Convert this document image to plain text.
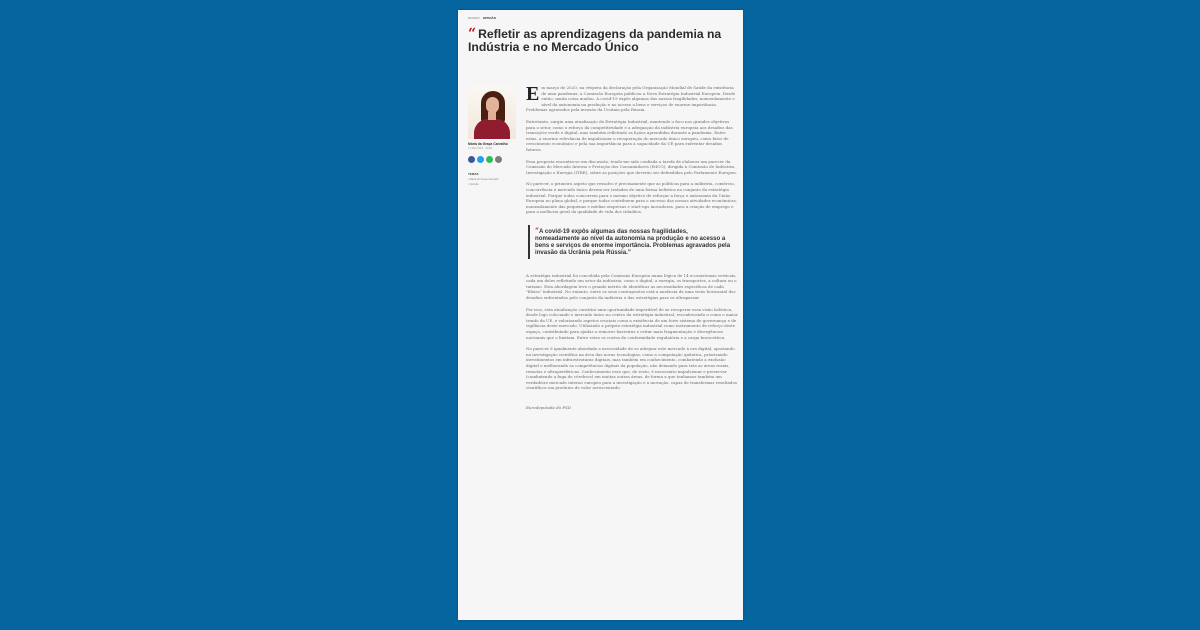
MUNDO · OPINIÃO
“ Refletir as aprendizagens da pandemia na Indústria e no Mercado Único
Maria da Graça Carvalho
17 Abril 2023 · 20:30
TEMAS
• Maria da Graça Carvalho
• Opinião

Em março de 2020, na véspera da declaração pela Organização Mundial de Saúde da existência de uma pandemia, a Comissão Europeia publicou a Nova Estratégia Industrial Europeia. Desde então, muita coisa mudou. A covid-19 expôs algumas das nossas fragilidades, nomeadamente o nível da autonomia na produção e no acesso a bens e serviços de enorme importância. Problemas agravados pela invasão da Ucrânia pela Rússia.

Entretanto, surgiu uma atualização da Estratégia Industrial, mantendo o foco nos grandes objetivos para o setor, como o reforço da competitividade e a adequação da indústria europeia aos desafios das transições verde e digital, mas também refletindo as lições aprendidas durante a pandemia. Entre estas, a enorme relevância de impulsionar a recuperação do mercado único europeu, como fator de crescimento económico e pela sua importância para a capacidade da UE para enfrentar desafios futuros.

Essa proposta encontra-se em discussão, tendo-me sido confiada a tarefa de elaborar um parecer da Comissão do Mercado Interno e Proteção dos Consumidores (IMCO), dirigida à Comissão de Indústria, Investigação e Energia (ITRE), sobre as posições que deverão ser defendidas pelo Parlamento Europeu.

No parecer, o primeiro aspeto que ressalvo é precisamente que as políticas para a indústria, comércio, concorrência e mercado único devem ser tratadas de uma forma holística no conjunto da estratégia industrial. Porque todas concorrem para o mesmo objetivo de reforçar a força e autonomia da União Europeia no plano global, e porque todas contribuem para o sucesso das nossas atividades económicas, nomeadamente das pequenas e médias empresas e start-ups inovadoras, para a criação de emprego e para a melhoria geral da qualidade de vida dos cidadãos.

“A covid-19 expôs algumas das nossas fragilidades, nomeadamente ao nível da autonomia na produção e no acesso a bens e serviços de enorme importância. Problemas agravados pela invasão da Ucrânia pela Rússia.”

A estratégia industrial foi concebida pela Comissão Europeia numa lógica de 14 ecossistemas verticais, cada um deles refletindo um setor da indústria, como o digital, a energia, os transportes, a cultura ou o turismo. Esta abordagem teve o grande mérito de identificar as necessidades específicas de cada "fileira" industrial. No entanto, entre os seus contrapontos está a ausência de uma visão horizontal dos desafios enfrentados pelo conjunto da indústria e das estratégias para os ultrapassar.

Por isso, esta atualização constitui uma oportunidade imperdível de se recuperar essa visão holística, desde logo colocando o mercado único no centro da estratégia industrial, reconhecendo-o como o maior trunfo da UE, e valorizando aspetos cruciais como a existência de um forte sistema de governança e de vigilância deste mercado. Utilizando a própria estratégia industrial como instrumento de reforço deste espaço, contribuindo para ajudar a remover barreiras e evitar mais fragmentação e divergências nacionais que o limitam. Entre estes os custos de conformidade regulatória e a carga burocrática.

No parecer é igualmente abordada a necessidade de se adequar este mercado à era digital, apostando na investigação científica na área das novas tecnologias, como a computação quântica, priorizando investimentos em infraestruturas digitais, mas também em conhecimento, combatendo a exclusão digital e melhorando as competências digitais da população, não deixando para trás as áreas rurais, remotas e ultraperiféricas. Conhecimento esse que, de resto, é necessário impulsionar e preservar (combatendo a fuga de cérebros) em muitas outras áreas, de forma a que tenhamos também um verdadeiro mercado interno europeu para a investigação e a inovação, capaz de transformar resultados científicos em produtos de valor acrescentado.

Eurodeputada do PSD
